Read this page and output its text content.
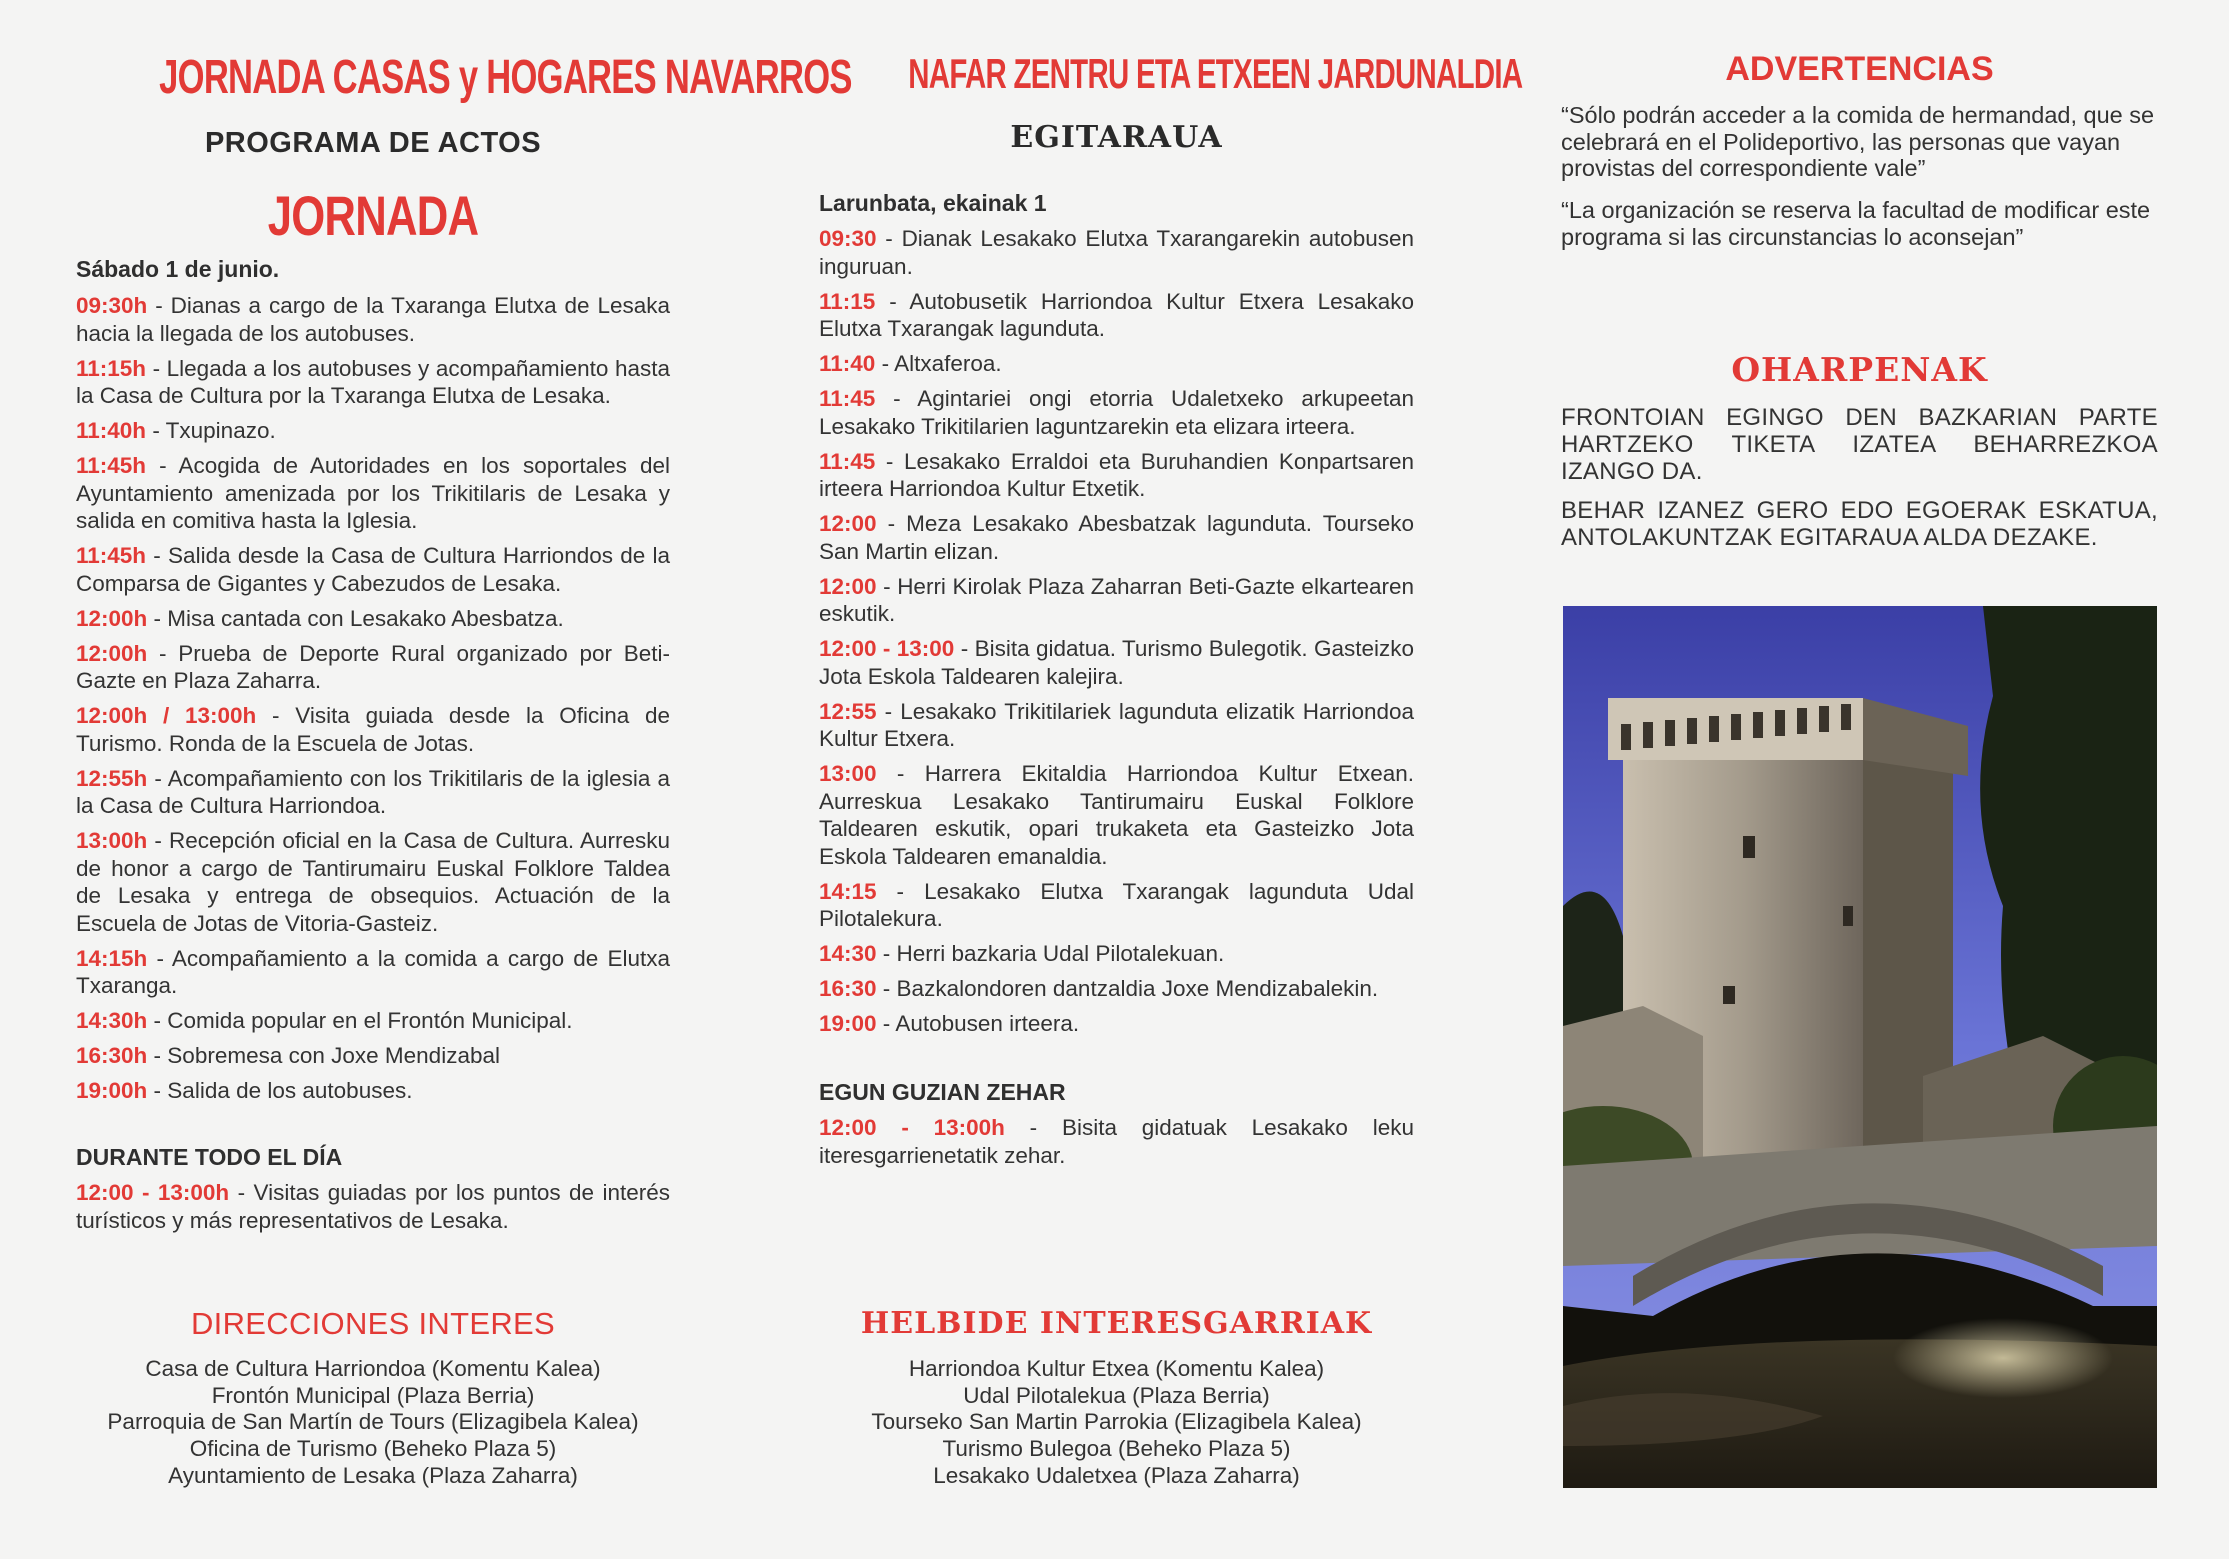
JORNADA CASAS y HOGARES NAVARROS
PROGRAMA DE ACTOS
JORNADA
Sábado 1 de junio.
09:30h - Dianas a cargo de la Txaranga Elutxa de Lesaka hacia la llegada de los autobuses.
11:15h - Llegada a los autobuses y acompañamiento hasta la Casa de Cultura por la Txaranga Elutxa de Lesaka.
11:40h - Txupinazo.
11:45h - Acogida de Autoridades en los soportales del Ayuntamiento amenizada por los Trikitilaris de Lesaka y salida en comitiva hasta la Iglesia.
11:45h - Salida desde la Casa de Cultura Harriondos de la Comparsa de Gigantes y Cabezudos de Lesaka.
12:00h - Misa cantada con Lesakako Abesbatza.
12:00h - Prueba de Deporte Rural organizado por Beti-Gazte en Plaza Zaharra.
12:00h / 13:00h - Visita guiada desde la Oficina de Turismo. Ronda de la Escuela de Jotas.
12:55h - Acompañamiento con los Trikitilaris de la iglesia a la Casa de Cultura Harriondoa.
13:00h - Recepción oficial en la Casa de Cultura. Aurresku de honor a cargo de Tantirumairu Euskal Folklore Taldea de Lesaka y entrega de obsequios. Actuación de la Escuela de Jotas de Vitoria-Gasteiz.
14:15h - Acompañamiento a la comida a cargo de Elutxa Txaranga.
14:30h - Comida popular en el Frontón Municipal.
16:30h - Sobremesa con Joxe Mendizabal
19:00h - Salida de los autobuses.
DURANTE TODO EL DÍA
12:00 - 13:00h - Visitas guiadas por los puntos de interés turísticos y más representativos de Lesaka.
DIRECCIONES INTERES
Casa de Cultura Harriondoa (Komentu Kalea)
Frontón Municipal (Plaza Berria)
Parroquia de San Martín de Tours (Elizagibela Kalea)
Oficina de Turismo (Beheko Plaza 5)
Ayuntamiento de Lesaka (Plaza Zaharra)
NAFAR ZENTRU ETA ETXEEN JARDUNALDIA
EGITARAUA
Larunbata, ekainak 1
09:30 - Dianak Lesakako Elutxa Txarangarekin autobusen inguruan.
11:15 - Autobusetik Harriondoa Kultur Etxera Lesakako Elutxa Txarangak lagunduta.
11:40 - Altxaferoa.
11:45 - Agintariei ongi etorria Udaletxeko arkupeetan Lesakako Trikitilarien laguntzarekin eta elizara irteera.
11:45 - Lesakako Erraldoi eta Buruhandien Konpartsaren irteera Harriondoa Kultur Etxetik.
12:00 - Meza Lesakako Abesbatzak lagunduta. Tourseko San Martin elizan.
12:00 - Herri Kirolak Plaza Zaharran Beti-Gazte elkartearen eskutik.
12:00 - 13:00 - Bisita gidatua. Turismo Bulegotik. Gasteizko Jota Eskola Taldearen kalejira.
12:55 - Lesakako Trikitilariek lagunduta elizatik Harriondoa Kultur Etxera.
13:00 - Harrera Ekitaldia Harriondoa Kultur Etxean. Aurreskua Lesakako Tantirumairu Euskal Folklore Taldearen eskutik, opari trukaketa eta Gasteizko Jota Eskola Taldearen emanaldia.
14:15 - Lesakako Elutxa Txarangak lagunduta Udal Pilotalekura.
14:30 - Herri bazkaria Udal Pilotalekuan.
16:30 - Bazkalondoren dantzaldia Joxe Mendizabalekin.
19:00 - Autobusen irteera.
EGUN GUZIAN ZEHAR
12:00 - 13:00h - Bisita gidatuak Lesakako leku iteresgarrienetatik zehar.
HELBIDE INTERESGARRIAK
Harriondoa Kultur Etxea (Komentu Kalea)
Udal Pilotalekua (Plaza Berria)
Tourseko San Martin Parrokia (Elizagibela Kalea)
Turismo Bulegoa (Beheko Plaza 5)
Lesakako Udaletxea (Plaza Zaharra)
ADVERTENCIAS
“Sólo podrán acceder a la comida de hermandad, que se celebrará en el Polideportivo, las personas que vayan provistas del correspondiente vale”
“La organización se reserva la facultad de modificar este programa si las circunstancias lo aconsejan”
OHARPENAK
FRONTOIAN EGINGO DEN BAZKARIAN PARTE HARTZEKO TIKETA IZATEA BEHARREZKOA IZANGO DA.
BEHAR IZANEZ GERO EDO EGOERAK ESKATUA, ANTOLAKUNTZAK EGITARAUA ALDA DEZAKE.
